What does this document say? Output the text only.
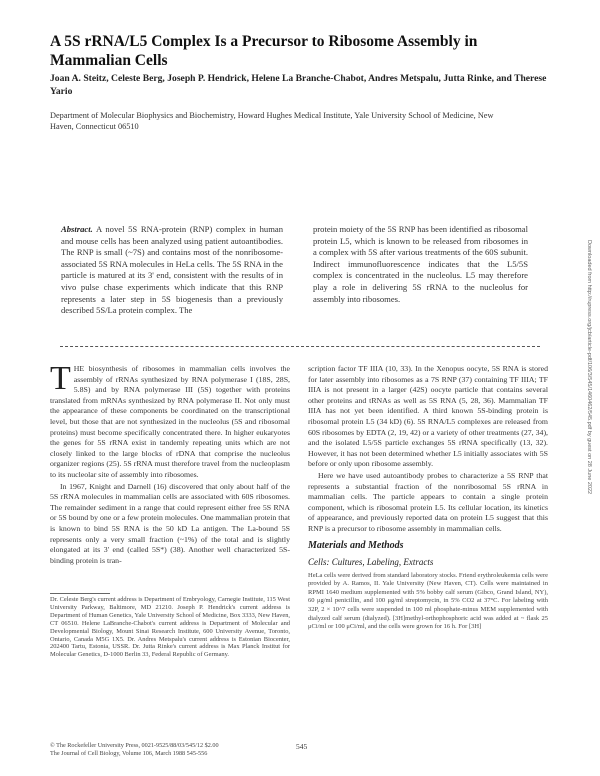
A 5S rRNA/L5 Complex Is a Precursor to Ribosome Assembly in Mammalian Cells
Joan A. Steitz, Celeste Berg, Joseph P. Hendrick, Helene La Branche-Chabot, Andres Metspalu, Jutta Rinke, and Therese Yario
Department of Molecular Biophysics and Biochemistry, Howard Hughes Medical Institute, Yale University School of Medicine, New Haven, Connecticut 06510

Abstract. A novel 5S RNA-protein (RNP) complex in human and mouse cells has been analyzed using patient autoantibodies. The RNP is small (~7S) and contains most of the nonribosome-associated 5S RNA molecules in HeLa cells. The 5S RNA in the particle is matured at its 3' end, consistent with the results of in vivo pulse chase experiments which indicate that this RNP represents a later step in 5S biogenesis than a previously described 5S/La protein complex. The

protein moiety of the 5S RNP has been identified as ribosomal protein L5, which is known to be released from ribosomes in a complex with 5S after various treatments of the 60S subunit. Indirect immunofluorescence indicates that the L5/5S complex is concentrated in the nucleolus. L5 may therefore play a role in delivering 5S rRNA to the nucleolus for assembly into ribosomes.

THE biosynthesis of ribosomes in mammalian cells involves the assembly of rRNAs synthesized by RNA polymerase I (18S, 28S, 5.8S) and by RNA polymerase III (5S) together with proteins translated from mRNAs synthesized by RNA polymerase II. Not only must the appearance of these components be coordinated on the transcriptional level, but those that are not synthesized in the nucleolus (5S and ribosomal proteins) must become specifically concentrated there. In higher eukaryotes the genes for 5S rRNA exist in tandemly repeating units which are not closely linked to the large blocks of rDNA that comprise the nucleolus organizer regions (25). 5S rRNA must therefore travel from the nucleoplasm to its nucleolar site of assembly into ribosomes.

In 1967, Knight and Darnell (16) discovered that only about half of the 5S rRNA molecules in mammalian cells are associated with 60S ribosomes. The remainder sediment in a range that could represent either free 5S RNA or 5S bound by one or a few protein molecules. One mammalian protein that is known to bind 5S RNA is the 50 kD La antigen. The La-bound 5S represents only a very small fraction (~1%) of the total and is slightly elongated at its 3' end (called 5S*) (38). Another well characterized 5S-binding protein is tran-

Dr. Celeste Berg's current address is Department of Embryology, Carnegie Institute, 115 West University Parkway, Baltimore, MD 21210. Joseph P. Hendrick's current address is Department of Human Genetics, Yale University School of Medicine, Box 3333, New Haven, CT 06510. Helene LaBranche-Chabot's current address is Department of Molecular and Developmental Biology, Mount Sinai Research Institute, 600 University Avenue, Toronto, Ontario, Canada M5G 1X5. Dr. Andres Metspalu's current address is Estonian Biocenter, 202400 Tartu, Estonia, USSR. Dr. Jutta Rinke's current address is Max Planck Institut for Molecular Genetics, D-1000 Berlin 33, Federal Republic of Germany.

scription factor TF IIIA (10, 33). In the Xenopus oocyte, 5S RNA is stored for later assembly into ribosomes as a 7S RNP (37) containing TF IIIA; TF IIIA is not present in a larger (42S) oocyte particle that contains several other proteins and tRNAs as well as 5S RNA (5, 28, 36). Mammalian TF IIIA has not yet been identified. A third known 5S-binding protein is ribosomal protein L5 (34 kD) (6). 5S RNA/L5 complexes are released from 60S ribosomes by EDTA (2, 19, 42) or a variety of other treatments (27, 34), and the isolated L5/5S particle exchanges 5S rRNA specifically (13, 32). However, it has not been determined whether L5 initially associates with 5S before or only upon ribosome assembly.

Here we have used autoantibody probes to characterize a 5S RNP that represents a substantial fraction of the nonribosomal 5S rRNA in mammalian cells. The particle appears to contain a single protein component, which is ribosomal protein L5. Its cellular location, its kinetics of appearance, and previously reported data on protein L5 suggest that this RNP is a precursor to ribosome assembly in mammalian cells.

Materials and Methods
Cells: Cultures, Labeling, Extracts

HeLa cells were derived from standard laboratory stocks. Friend erythroleukemia cells were provided by A. Ramos, II. Yale University (New Haven, CT). Cells were maintained in RPMI 1640 medium supplemented with 5% bobby calf serum (Gibco, Grand Island, NY), 60 μg/ml penicillin, and 100 μg/ml streptomycin, in 5% CO2 at 37°C. For labeling with 32P, 2 × 10^7 cells were suspended in 100 ml phosphate-minus MEM supplemented with dialyzed calf serum (dialyzed). [3H]methyl-orthophosphoric acid was added at ~ flask 25 μCi/ml or 100 μCi/ml, and the cells were grown for 16 h. For [3H]

© The Rockefeller University Press, 0021-9525/88/03/545/12 $2.00
The Journal of Cell Biology, Volume 106, March 1988 545-556
545
Downloaded from http://rupress.org/jcb/article-pdf/106/3/545/1460462/545.pdf by guest on 28 June 2022
